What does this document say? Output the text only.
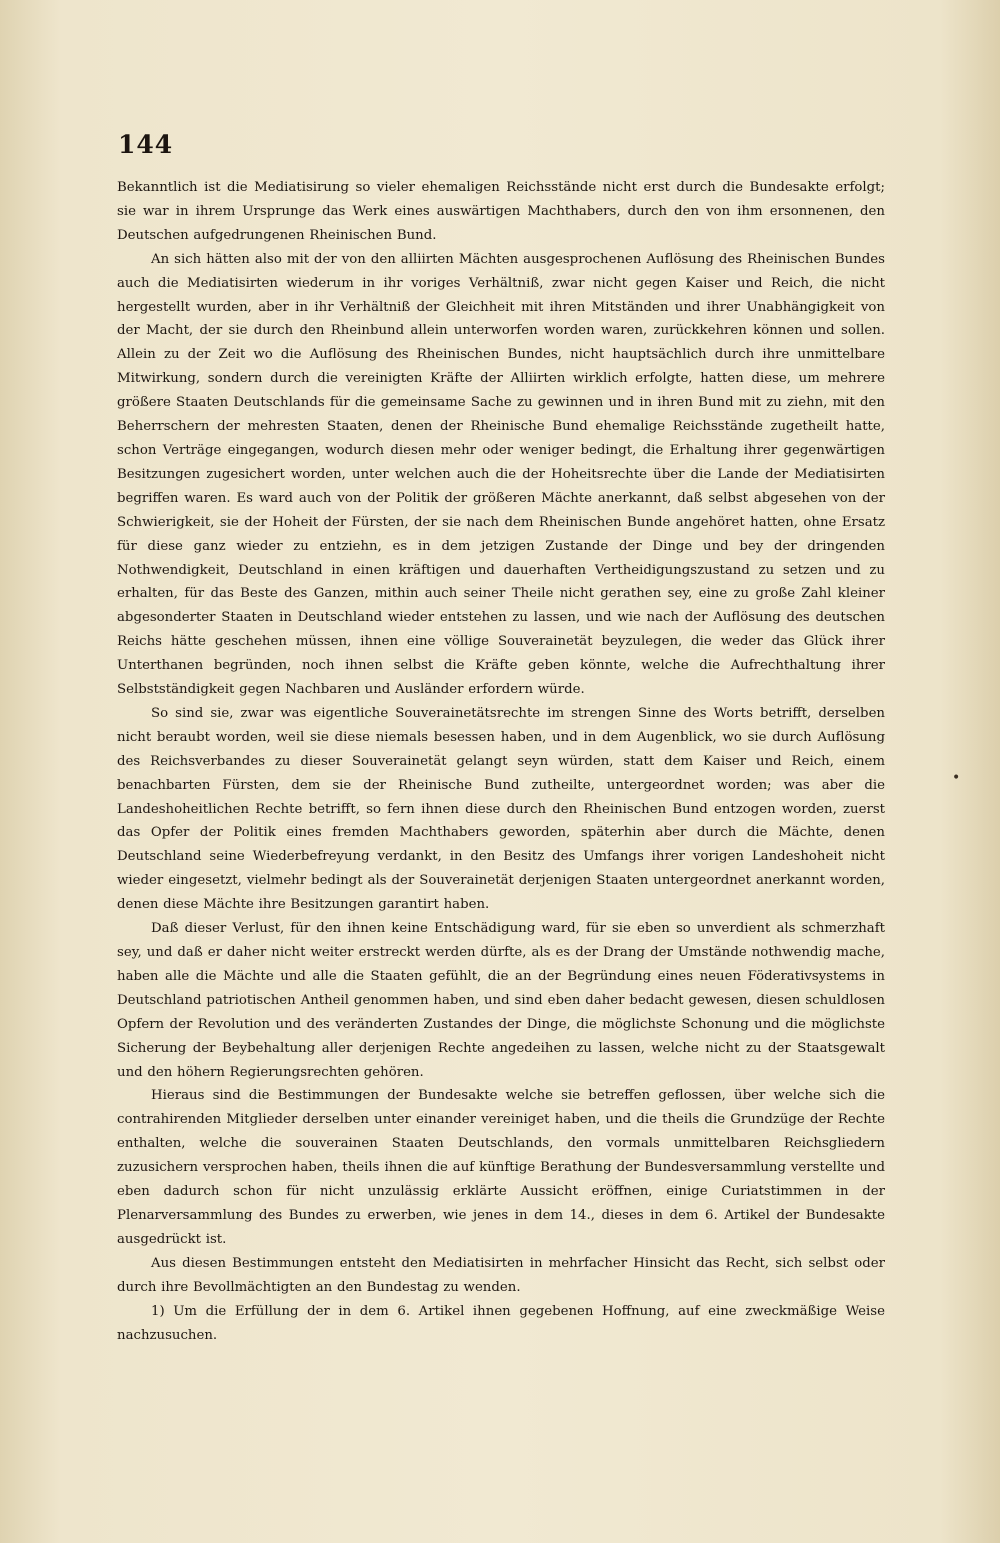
144

Bekanntlich ist die Mediatisirung so vieler ehemaligen Reichsstände nicht erst durch die Bundesakte erfolgt; sie war in ihrem Ursprunge das Werk eines auswärtigen Machthabers, durch den von ihm ersonnenen, den Deutschen aufgedrungenen Rheinischen Bund.

An sich hätten also mit der von den alliirten Mächten ausgesprochenen Auflösung des Rheinischen Bundes auch die Mediatisirten wiederum in ihr voriges Verhältniß, zwar nicht gegen Kaiser und Reich, die nicht hergestellt wurden, aber in ihr Verhältniß der Gleichheit mit ihren Mitständen und ihrer Unabhängigkeit von der Macht, der sie durch den Rheinbund allein unterworfen worden waren, zurückkehren können und sollen. Allein zu der Zeit wo die Auflösung des Rheinischen Bundes, nicht hauptsächlich durch ihre unmittelbare Mitwirkung, sondern durch die vereinigten Kräfte der Alliirten wirklich erfolgte, hatten diese, um mehrere größere Staaten Deutschlands für die gemeinsame Sache zu gewinnen und in ihren Bund mit zu ziehn, mit den Beherrschern der mehresten Staaten, denen der Rheinische Bund ehemalige Reichsstände zugetheilt hatte, schon Verträge eingegangen, wodurch diesen mehr oder weniger bedingt, die Erhaltung ihrer gegenwärtigen Besitzungen zugesichert worden, unter welchen auch die der Hoheitsrechte über die Lande der Mediatisirten begriffen waren. Es ward auch von der Politik der größeren Mächte anerkannt, daß selbst abgesehen von der Schwierigkeit, sie der Hoheit der Fürsten, der sie nach dem Rheinischen Bunde angehöret hatten, ohne Ersatz für diese ganz wieder zu entziehn, es in dem jetzigen Zustande der Dinge und bey der dringenden Nothwendigkeit, Deutschland in einen kräftigen und dauerhaften Vertheidigungszustand zu setzen und zu erhalten, für das Beste des Ganzen, mithin auch seiner Theile nicht gerathen sey, eine zu große Zahl kleiner abgesonderter Staaten in Deutschland wieder entstehen zu lassen, und wie nach der Auflösung des deutschen Reichs hätte geschehen müssen, ihnen eine völlige Souverainetät beyzulegen, die weder das Glück ihrer Unterthanen begründen, noch ihnen selbst die Kräfte geben könnte, welche die Aufrechthaltung ihrer Selbstständigkeit gegen Nachbaren und Ausländer erfordern würde.

So sind sie, zwar was eigentliche Souverainetätsrechte im strengen Sinne des Worts betrifft, derselben nicht beraubt worden, weil sie diese niemals besessen haben, und in dem Augenblick, wo sie durch Auflösung des Reichsverbandes zu dieser Souverainetät gelangt seyn würden, statt dem Kaiser und Reich, einem benachbarten Fürsten, dem sie der Rheinische Bund zutheilte, untergeordnet worden; was aber die Landeshoheitlichen Rechte betrifft, so fern ihnen diese durch den Rheinischen Bund entzogen worden, zuerst das Opfer der Politik eines fremden Machthabers geworden, späterhin aber durch die Mächte, denen Deutschland seine Wiederbefreyung verdankt, in den Besitz des Umfangs ihrer vorigen Landeshoheit nicht wieder eingesetzt, vielmehr bedingt als der Souverainetät derjenigen Staaten untergeordnet anerkannt worden, denen diese Mächte ihre Besitzungen garantirt haben.

Daß dieser Verlust, für den ihnen keine Entschädigung ward, für sie eben so unverdient als schmerzhaft sey, und daß er daher nicht weiter erstreckt werden dürfte, als es der Drang der Umstände nothwendig mache, haben alle die Mächte und alle die Staaten gefühlt, die an der Begründung eines neuen Föderativsystems in Deutschland patriotischen Antheil genommen haben, und sind eben daher bedacht gewesen, diesen schuldlosen Opfern der Revolution und des veränderten Zustandes der Dinge, die möglichste Schonung und die möglichste Sicherung der Beybehaltung aller derjenigen Rechte angedeihen zu lassen, welche nicht zu der Staatsgewalt und den höhern Regierungsrechten gehören.

Hieraus sind die Bestimmungen der Bundesakte welche sie betreffen geflossen, über welche sich die contrahirenden Mitglieder derselben unter einander vereiniget haben, und die theils die Grundzüge der Rechte enthalten, welche die souverainen Staaten Deutschlands, den vormals unmittelbaren Reichsgliedern zuzusichern versprochen haben, theils ihnen die auf künftige Berathung der Bundesversammlung verstellte und eben dadurch schon für nicht unzulässig erklärte Aussicht eröffnen, einige Curiatstimmen in der Plenarversammlung des Bundes zu erwerben, wie jenes in dem 14., dieses in dem 6. Artikel der Bundesakte ausgedrückt ist.

Aus diesen Bestimmungen entsteht den Mediatisirten in mehrfacher Hinsicht das Recht, sich selbst oder durch ihre Bevollmächtigten an den Bundestag zu wenden.

1) Um die Erfüllung der in dem 6. Artikel ihnen gegebenen Hoffnung, auf eine zweckmäßige Weise nachzusuchen.

•
